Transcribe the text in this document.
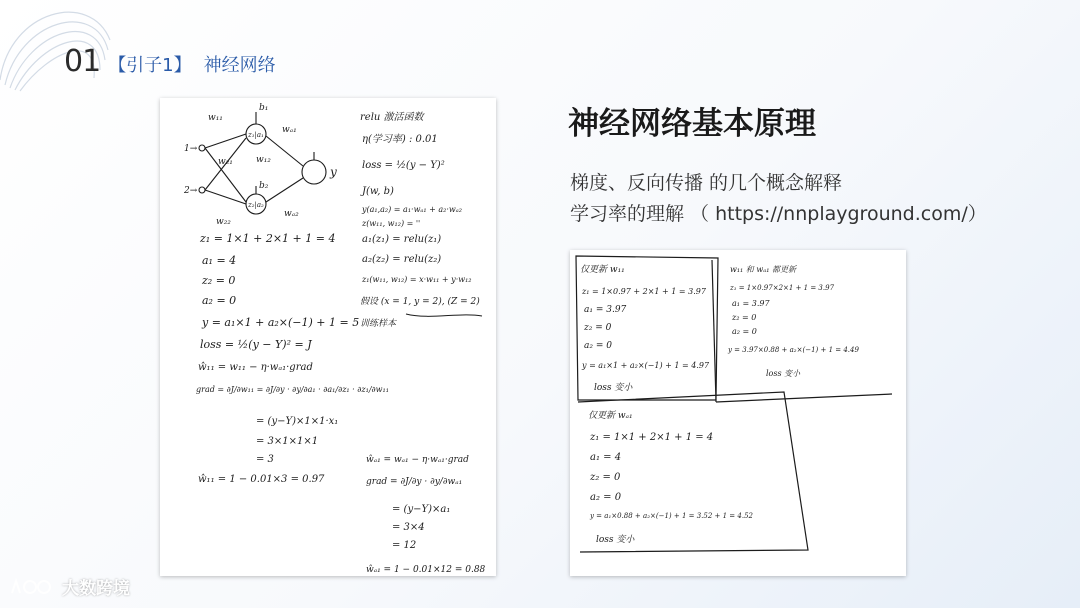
01 【引子1】 神经网络
w₁₁
w₂₁	w₁₂
w₂₂
wₐ₁
wₐ₂
b₁
b₂
z₁|a₁
z₂|a₂
y
1→
2→
z₁ = 1×1 + 2×1 + 1 = 4
a₁ = 4
z₂ = 0
a₂ = 0
y = a₁×1 + a₂×(−1) + 1 = 5
loss = ½(y − Y)² = J
ŵ₁₁ = w₁₁ − η·wₐ₁·grad
grad = ∂J/∂w₁₁ = ∂J/∂y · ∂y/∂a₁ · ∂a₁/∂z₁ · ∂z₁/∂w₁₁
= (y−Y)×1×1·x₁
= 3×1×1×1
= 3
ŵ₁₁ = 1 − 0.01×3 = 0.97
relu 激活函数
η(学习率) : 0.01
loss = ½(y − Y)²
J(w, b)
y(a₁,a₂) = a₁·wₐ₁ + a₂·wₐ₂
z(w₁₁, w₁₂) = ''
a₁(z₁) = relu(z₁)
a₂(z₂) = relu(z₂)
z₁(w₁₁, w₁₂) = x·w₁₁ + y·w₁₂
假设 (x = 1, y = 2), (Z = 2)
训练样本
ŵₐ₁ = wₐ₁ − η·wₐ₁·grad
grad = ∂J/∂y · ∂y/∂wₐ₁
= (y−Y)×a₁
= 3×4
= 12
ŵₐ₁ = 1 − 0.01×12 = 0.88
神经网络基本原理
梯度、反向传播 的几个概念解释
学习率的理解 （ https://nnplayground.com/）
仅更新 w₁₁
z₁ = 1×0.97 + 2×1 + 1 = 3.97
a₁ = 3.97
z₂ = 0
a₂ = 0
y = a₁×1 + a₂×(−1) + 1 = 4.97
loss 变小
w₁₁ 和 wₐ₁ 都更新
z₁ = 1×0.97×2×1 + 1 = 3.97
a₁ = 3.97
z₂ = 0
a₂ = 0
y = 3.97×0.88 + a₂×(−1) + 1 = 4.49
loss 变小
仅更新 wₐ₁
z₁ = 1×1 + 2×1 + 1 = 4
a₁ = 4
z₂ = 0
a₂ = 0
y = a₁×0.88 + a₂×(−1) + 1 = 3.52 + 1 = 4.52
loss 变小
大数跨境
